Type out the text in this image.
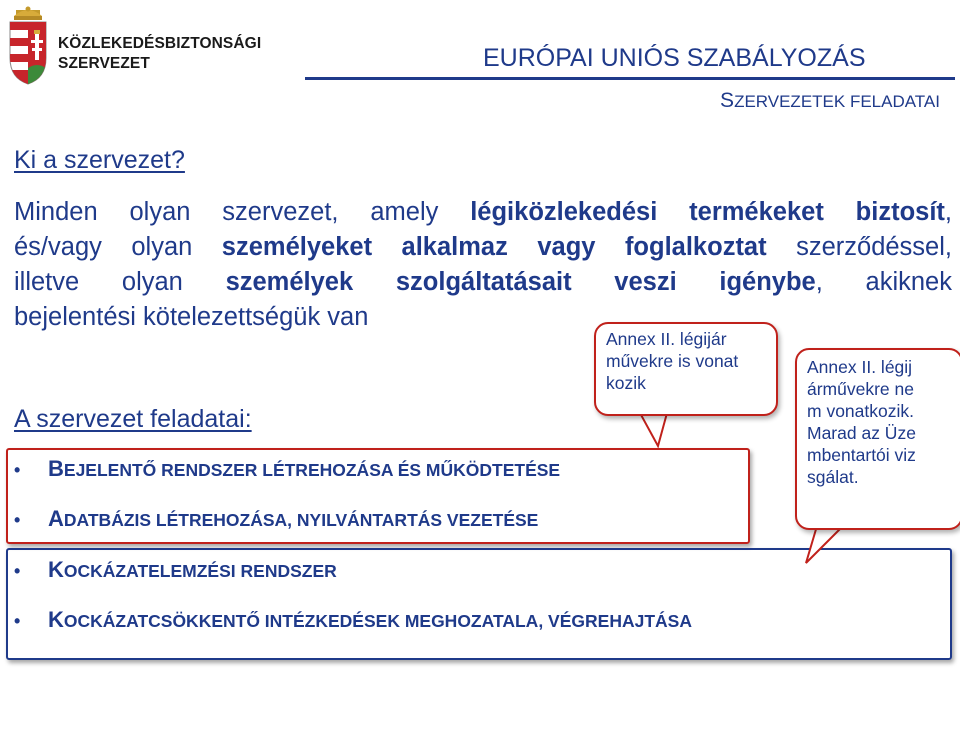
KÖZLEKEDÉSBIZTONSÁGI
SZERVEZET	EURÓPAI UNIÓS SZABÁLYOZÁS
SZERVEZETEK FELADATAI
Ki a szervezet?
Minden olyan szervezet, amely légiközlekedési termékeket biztosít,
és/vagy olyan személyeket alkalmaz vagy foglalkoztat szerződéssel,
illetve olyan személyek szolgáltatásait veszi igénybe, akiknek
bejelentési kötelezettségük van
A szervezet feladatai:
• BEJELENTŐ RENDSZER LÉTREHOZÁSA ÉS MŰKÖDTETÉSE
• ADATBÁZIS LÉTREHOZÁSA, NYILVÁNTARTÁS VEZETÉSE
• KOCKÁZATELEMZÉSI RENDSZER
• KOCKÁZATCSÖKKENTŐ INTÉZKEDÉSEK MEGHOZATALA, VÉGREHAJTÁSA
Annex II. légijár
művekre is vonat
kozik
Annex II. légij
árművekre ne
m vonatkozik.
Marad az Üze
mbentartói viz
sgálat.
